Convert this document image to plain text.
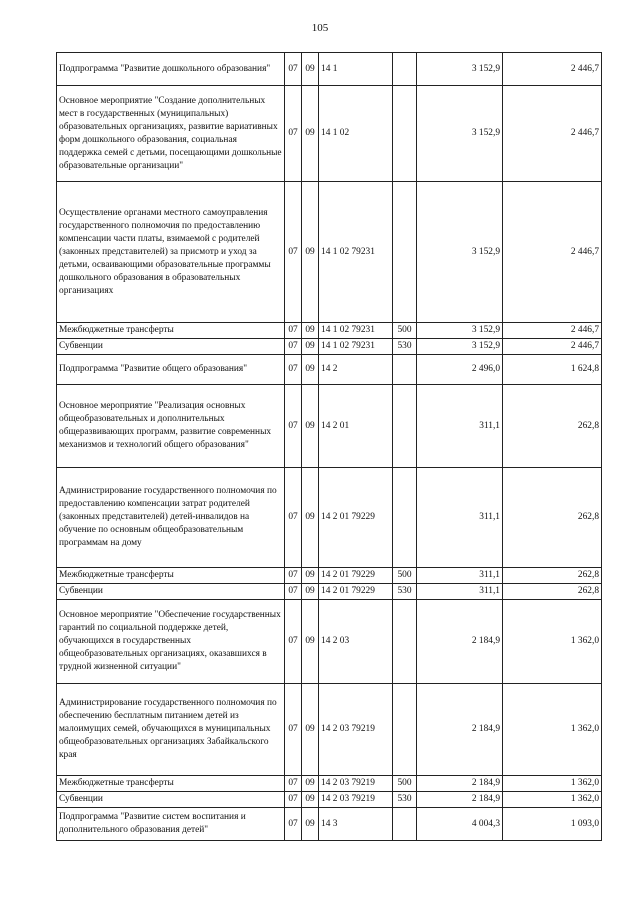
105
Подпрограмма "Развитие дошкольного образования"	07	09	14 1		3 152,9	2 446,7
Основное мероприятие "Создание дополнительных мест в государственных (муниципальных) образовательных организациях, развитие вариативных форм дошкольного образования, социальная поддержка семей с детьми, посещающими дошкольные образовательные организации"	07	09	14 1 02		3 152,9	2 446,7
Осуществление органами местного самоуправления государственного полномочия по предоставлению компенсации части платы, взимаемой с родителей (законных представителей) за присмотр и уход за детьми, осваивающими образовательные программы дошкольного образования в образовательных организациях	07	09	14 1 02 79231		3 152,9	2 446,7
Межбюджетные трансферты	07	09	14 1 02 79231	500	3 152,9	2 446,7
Субвенции	07	09	14 1 02 79231	530	3 152,9	2 446,7
Подпрограмма "Развитие общего образования"	07	09	14 2		2 496,0	1 624,8
Основное мероприятие "Реализация основных общеобразовательных и дополнительных общеразвивающих программ, развитие современных механизмов и технологий общего образования"	07	09	14 2 01		311,1	262,8
Администрирование государственного полномочия по предоставлению компенсации затрат родителей (законных представителей) детей-инвалидов на обучение по основным общеобразовательным программам на дому	07	09	14 2 01 79229		311,1	262,8
Межбюджетные трансферты	07	09	14 2 01 79229	500	311,1	262,8
Субвенции	07	09	14 2 01 79229	530	311,1	262,8
Основное мероприятие "Обеспечение государственных гарантий по социальной поддержке детей, обучающихся в государственных общеобразовательных организациях, оказавшихся в трудной жизненной ситуации"	07	09	14 2 03		2 184,9	1 362,0
Администрирование государственного полномочия по обеспечению бесплатным питанием детей из малоимущих семей, обучающихся в муниципальных общеобразовательных организациях Забайкальского края	07	09	14 2 03 79219		2 184,9	1 362,0
Межбюджетные трансферты	07	09	14 2 03 79219	500	2 184,9	1 362,0
Субвенции	07	09	14 2 03 79219	530	2 184,9	1 362,0
Подпрограмма "Развитие систем воспитания и дополнительного образования детей"	07	09	14 3		4 004,3	1 093,0
